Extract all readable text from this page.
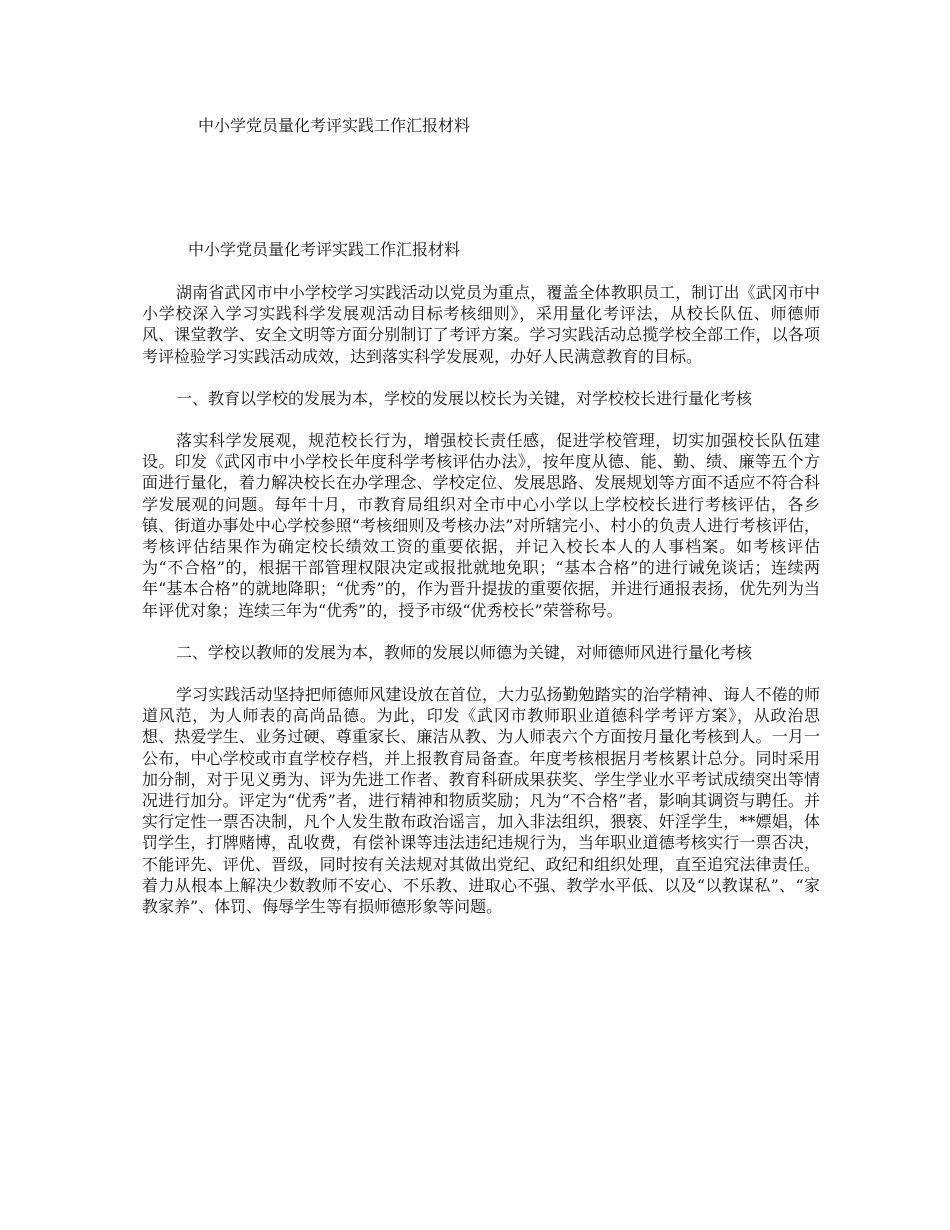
中小学党员量化考评实践工作汇报材料
中小学党员量化考评实践工作汇报材料

湖南省武冈市中小学校学习实践活动以党员为重点，覆盖全体教职员工，制订出《武冈市中小学校深入学习实践科学发展观活动目标考核细则》，采用量化考评法，从校长队伍、师德师风、课堂教学、安全文明等方面分别制订了考评方案。学习实践活动总揽学校全部工作，以各项考评检验学习实践活动成效，达到落实科学发展观，办好人民满意教育的目标。

一、教育以学校的发展为本，学校的发展以校长为关键，对学校校长进行量化考核

落实科学发展观，规范校长行为，增强校长责任感，促进学校管理，切实加强校长队伍建设。印发《武冈市中小学校长年度科学考核评估办法》，按年度从德、能、勤、绩、廉等五个方面进行量化，着力解决校长在办学理念、学校定位、发展思路、发展规划等方面不适应不符合科学发展观的问题。每年十月，市教育局组织对全市中心小学以上学校校长进行考核评估，各乡镇、街道办事处中心学校参照“考核细则及考核办法”对所辖完小、村小的负责人进行考核评估，考核评估结果作为确定校长绩效工资的重要依据，并记入校长本人的人事档案。如考核评估为“不合格”的，根据干部管理权限决定或报批就地免职；“基本合格”的进行诫免谈话；连续两年“基本合格”的就地降职；“优秀”的，作为晋升提拔的重要依据，并进行通报表扬，优先列为当年评优对象；连续三年为“优秀”的，授予市级“优秀校长”荣誉称号。

二、学校以教师的发展为本，教师的发展以师德为关键，对师德师风进行量化考核

学习实践活动坚持把师德师风建设放在首位，大力弘扬勤勉踏实的治学精神、诲人不倦的师道风范，为人师表的高尚品德。为此，印发《武冈市教师职业道德科学考评方案》，从政治思想、热爱学生、业务过硬、尊重家长、廉洁从教、为人师表六个方面按月量化考核到人。一月一公布，中心学校或市直学校存档，并上报教育局备查。年度考核根据月考核累计总分。同时采用加分制，对于见义勇为、评为先进工作者、教育科研成果获奖、学生学业水平考试成绩突出等情况进行加分。评定为“优秀”者，进行精神和物质奖励；凡为“不合格”者，影响其调资与聘任。并实行定性一票否决制，凡个人发生散布政治谣言，加入非法组织，猥亵、奸淫学生，**嫖娼，体罚学生，打牌赌博，乱收费，有偿补课等违法违纪违规行为，当年职业道德考核实行一票否决，不能评先、评优、晋级，同时按有关法规对其做出党纪、政纪和组织处理，直至追究法律责任。着力从根本上解决少数教师不安心、不乐教、进取心不强、教学水平低、以及“以教谋私”、“家教家养”、体罚、侮辱学生等有损师德形象等问题。
